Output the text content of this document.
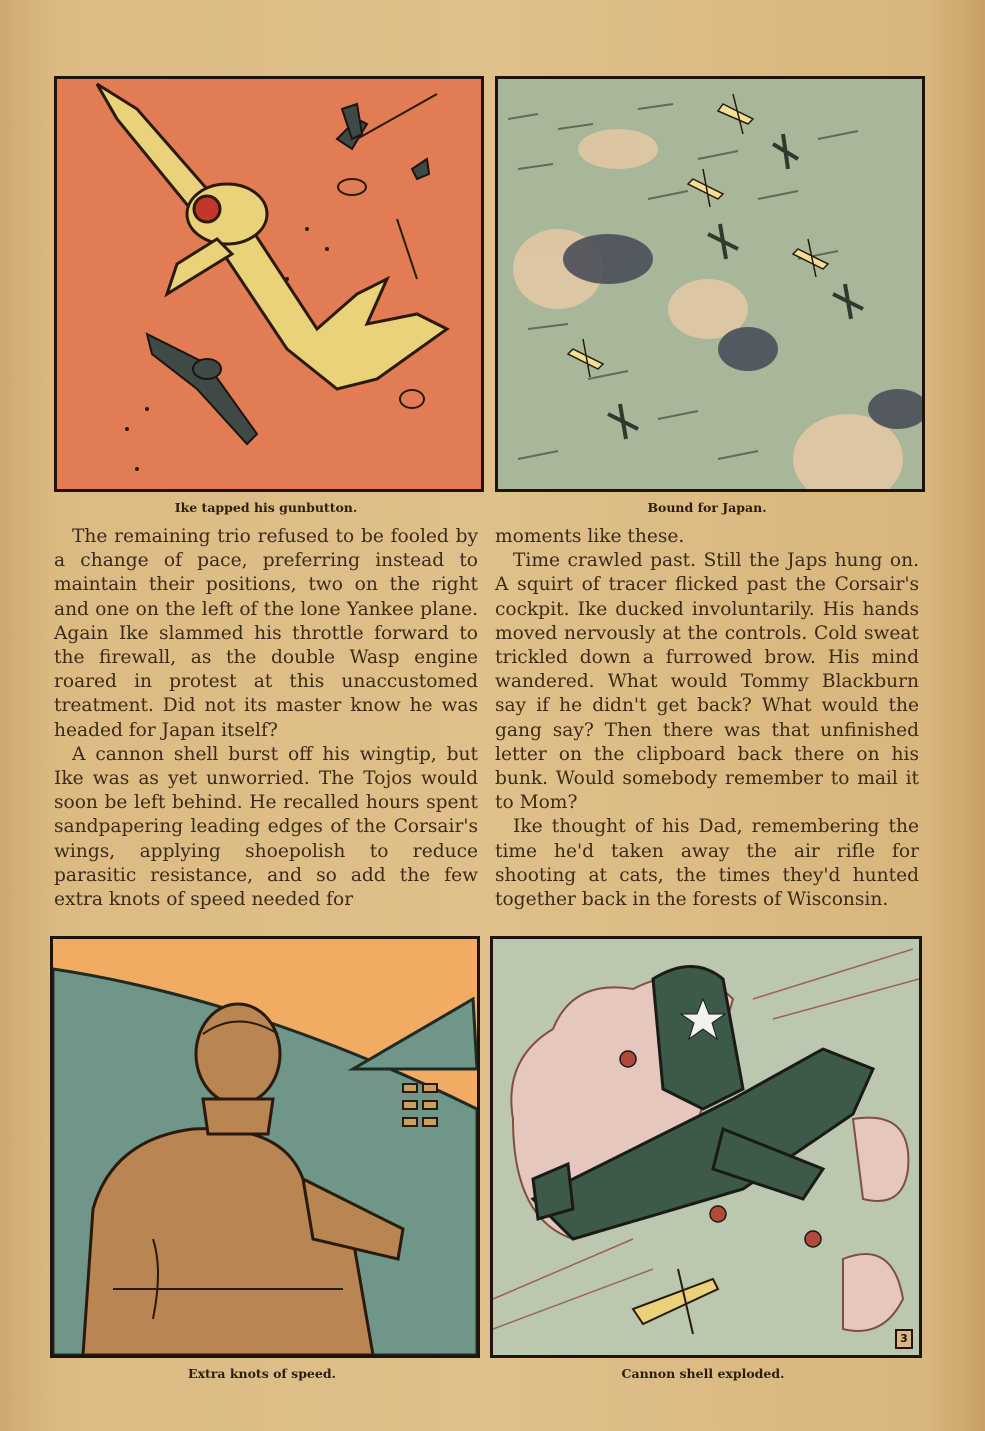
Ike tapped his gunbutton.	Bound for Japan.

The remaining trio refused to be fooled by a change of pace, preferring instead to maintain their positions, two on the right and one on the left of the lone Yankee plane. Again Ike slammed his throttle forward to the firewall, as the double Wasp engine roared in protest at this unaccustomed treatment. Did not its master know he was headed for Japan itself?

A cannon shell burst off his wingtip, but Ike was as yet unworried. The Tojos would soon be left behind. He recalled hours spent sandpapering leading edges of the Corsair's wings, applying shoepolish to reduce parasitic resistance, and so add the few extra knots of speed needed for

moments like these.

Time crawled past. Still the Japs hung on. A squirt of tracer flicked past the Corsair's cockpit. Ike ducked involuntarily. His hands moved nervously at the controls. Cold sweat trickled down a furrowed brow. His mind wandered. What would Tommy Blackburn say if he didn't get back? What would the gang say? Then there was that unfinished letter on the clipboard back there on his bunk. Would somebody remember to mail it to Mom?

Ike thought of his Dad, remembering the time he'd taken away the air rifle for shooting at cats, the times they'd hunted together back in the forests of Wisconsin.

Extra knots of speed.
3
Cannon shell exploded.
